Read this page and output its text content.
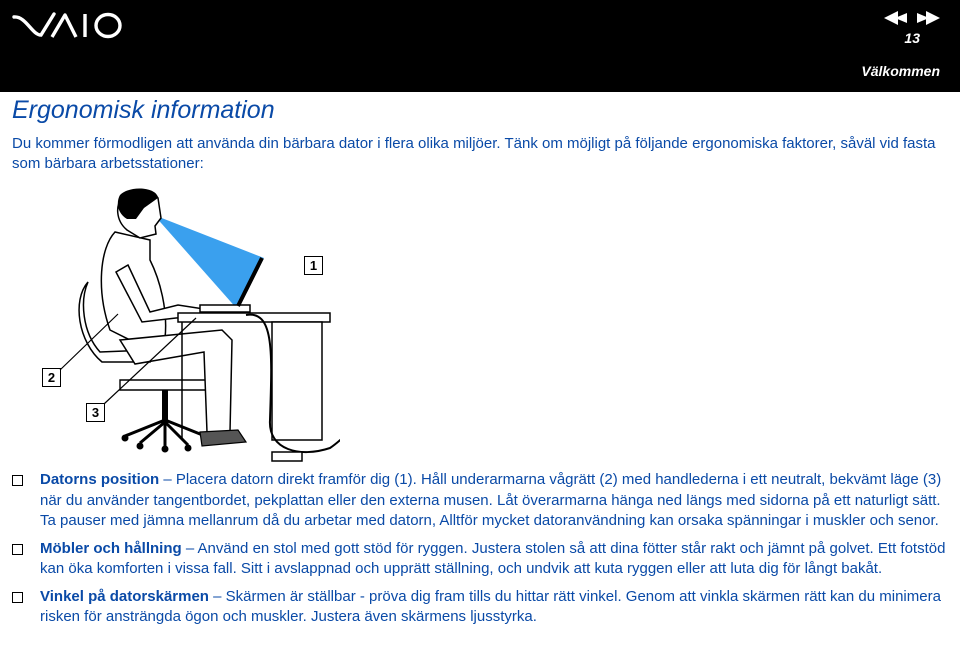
13
Välkommen
Ergonomisk information

Du kommer förmodligen att använda din bärbara dator i flera olika miljöer. Tänk om möjligt på följande ergonomiska faktorer, såväl vid fasta som bärbara arbetsstationer:

1
2
3
Datorns position – Placera datorn direkt framför dig (1). Håll underarmarna vågrätt (2) med handlederna i ett neutralt, bekvämt läge (3) när du använder tangentbordet, pekplattan eller den externa musen. Låt överarmarna hänga ned längs med sidorna på ett naturligt sätt. Ta pauser med jämna mellanrum då du arbetar med datorn, Alltför mycket datoranvändning kan orsaka spänningar i muskler och senor.
Möbler och hållning – Använd en stol med gott stöd för ryggen. Justera stolen så att dina fötter står rakt och jämnt på golvet. Ett fotstöd kan öka komforten i vissa fall. Sitt i avslappnad och upprätt ställning, och undvik att kuta ryggen eller att luta dig för långt bakåt.
Vinkel på datorskärmen – Skärmen är ställbar - pröva dig fram tills du hittar rätt vinkel. Genom att vinkla skärmen rätt kan du minimera risken för ansträngda ögon och muskler. Justera även skärmens ljusstyrka.
